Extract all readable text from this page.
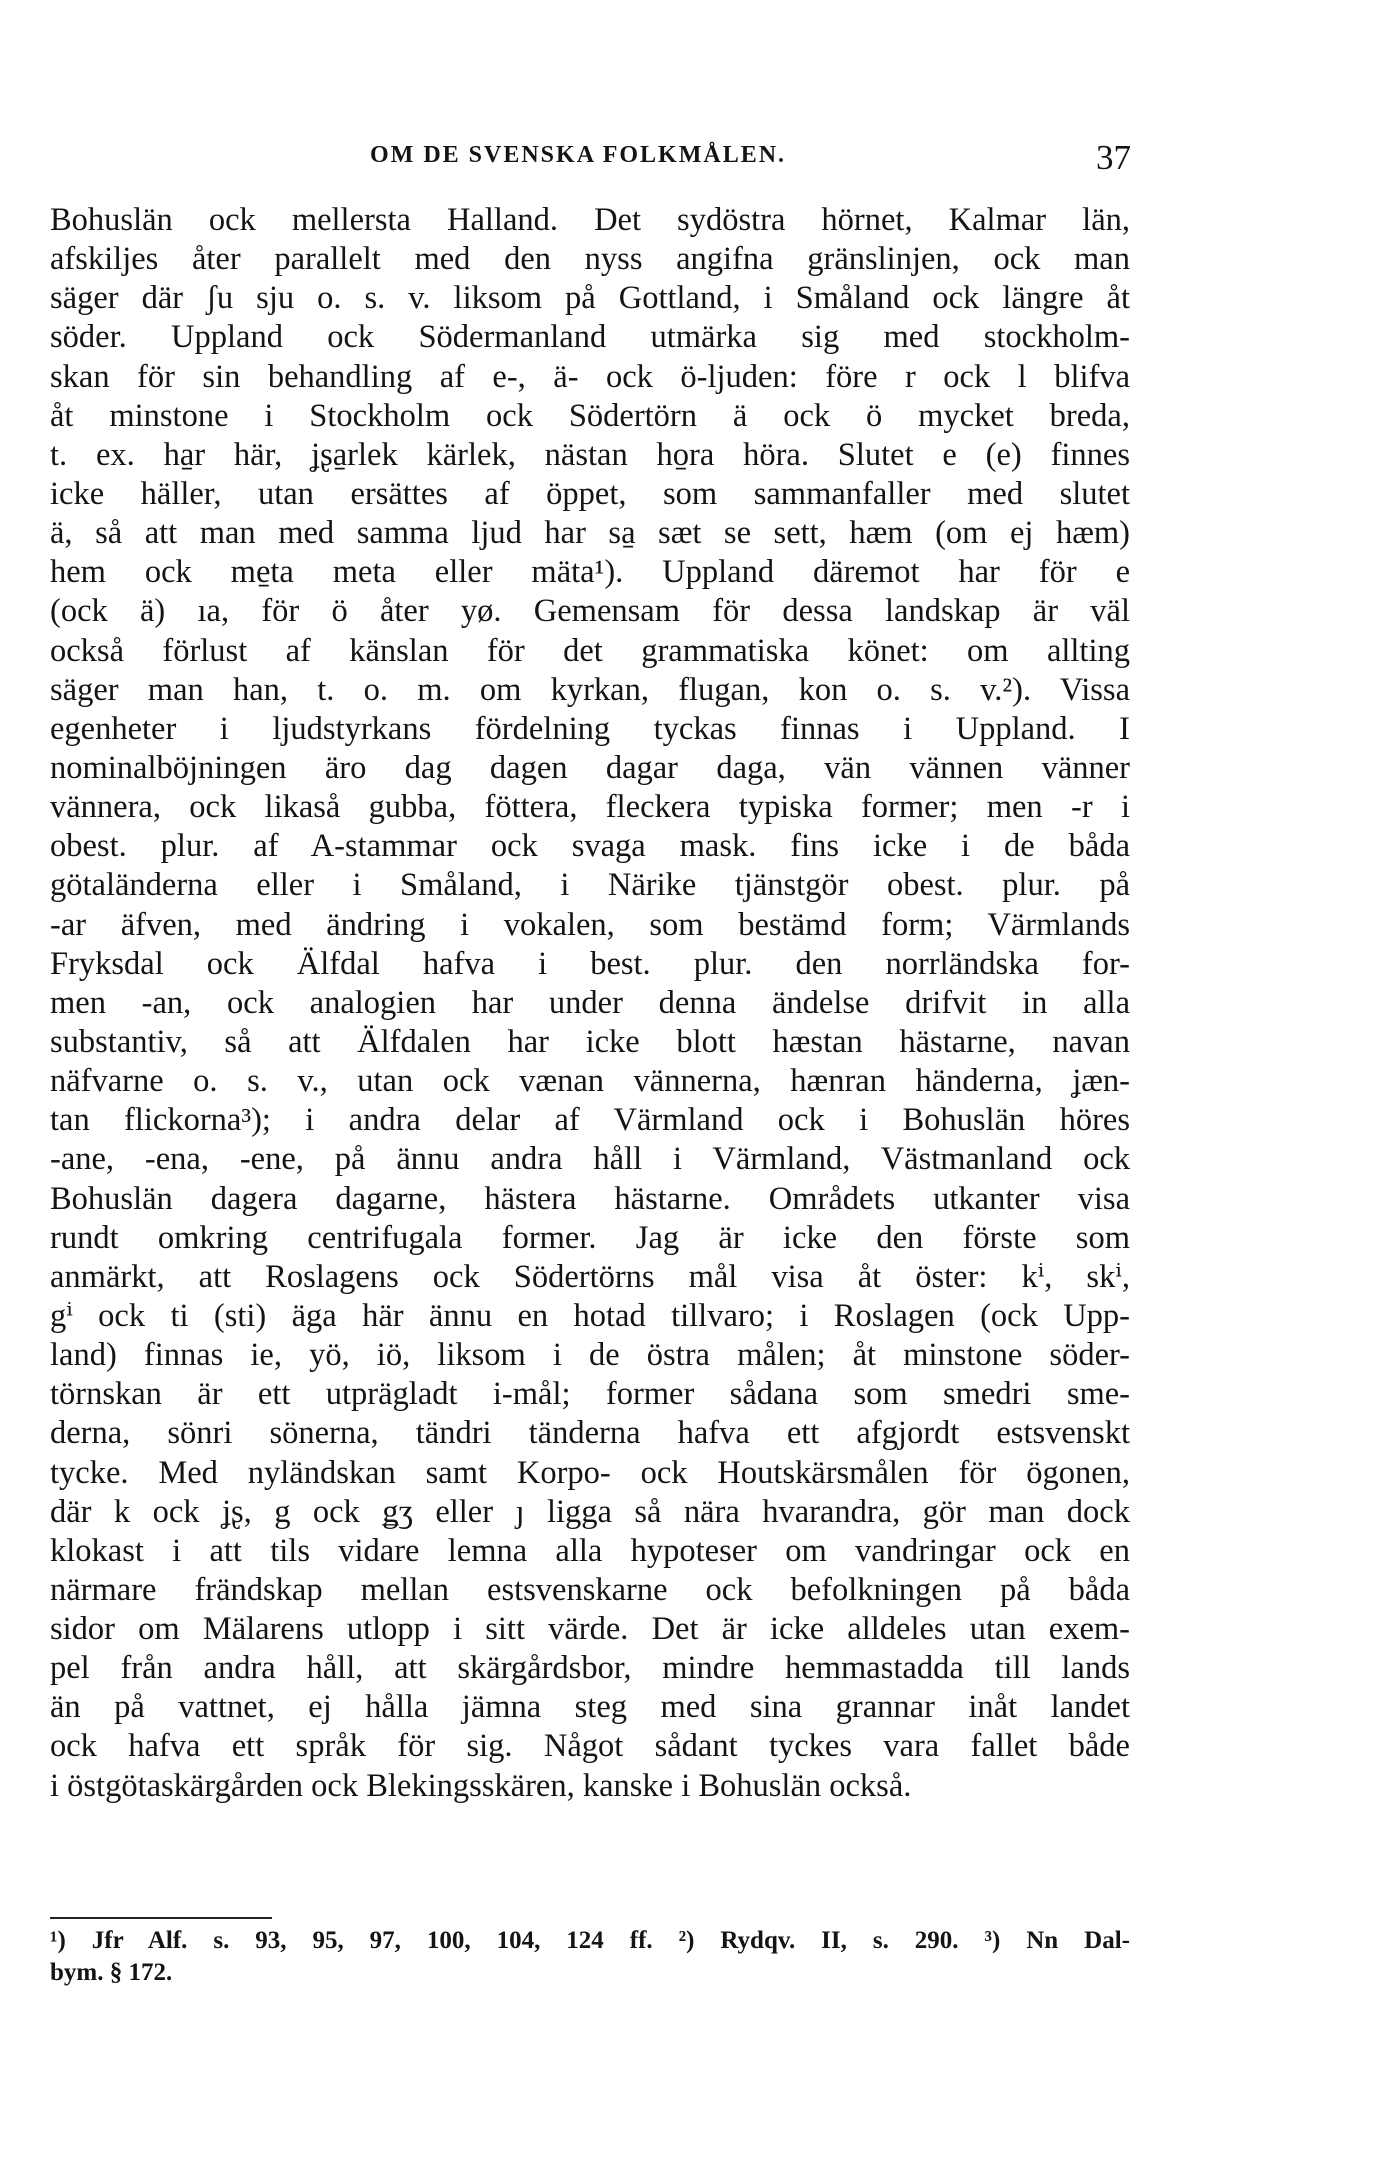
OM DE SVENSKA FOLKMÅLEN.	37
Bohuslän ock mellersta Halland. Det sydöstra hörnet, Kalmar län,
afskiljes åter parallelt med den nyss angifna gränslinjen, ock man
säger där ʃu sju o. s. v. liksom på Gottland, i Småland ock längre åt
söder. Uppland ock Södermanland utmärka sig med stockholm-
skan för sin behandling af e-, ä- ock ö-ljuden: före r ock l blifva
åt minstone i Stockholm ock Södertörn ä ock ö mycket breda,
t. ex. ha̱r här, ʝʂa̱rlek kärlek, nästan ho̱ra höra. Slutet e (e) finnes
icke häller, utan ersättes af öppet, som sammanfaller med slutet
ä, så att man med samma ljud har sa̱ sæt se sett, hæm (om ej hæm)
hem ock me̱ta meta eller mäta¹). Uppland däremot har för e
(ock ä) ıa, för ö åter yø. Gemensam för dessa landskap är väl
också förlust af känslan för det grammatiska könet: om allting
säger man han, t. o. m. om kyrkan, flugan, kon o. s. v.²). Vissa
egenheter i ljudstyrkans fördelning tyckas finnas i Uppland. I
nominalböjningen äro dag dagen dagar daga, vän vännen vänner
vännera, ock likaså gubba, föttera, fleckera typiska former; men -r i
obest. plur. af A-stammar ock svaga mask. fins icke i de båda
götaländerna eller i Småland, i Närike tjänstgör obest. plur. på
-ar äfven, med ändring i vokalen, som bestämd form; Värmlands
Fryksdal ock Älfdal hafva i best. plur. den norrländska for-
men -an, ock analogien har under denna ändelse drifvit in alla
substantiv, så att Älfdalen har icke blott hæstan hästarne, navan
näfvarne o. s. v., utan ock vænan vännerna, hænran händerna, ʝæn-
tan flickorna³); i andra delar af Värmland ock i Bohuslän höres
-ane, -ena, -ene, på ännu andra håll i Värmland, Västmanland ock
Bohuslän dagera dagarne, hästera hästarne. Områdets utkanter visa
rundt omkring centrifugala former. Jag är icke den förste som
anmärkt, att Roslagens ock Södertörns mål visa åt öster: kⁱ, skⁱ,
gⁱ ock ti (sti) äga här ännu en hotad tillvaro; i Roslagen (ock Upp-
land) finnas ie, yö, iö, liksom i de östra målen; åt minstone söder-
törnskan är ett utprägladt i-mål; former sådana som smedri sme-
derna, sönri sönerna, tändri tänderna hafva ett afgjordt estsvenskt
tycke. Med nyländskan samt Korpo- ock Houtskärsmålen för ögonen,
där k ock ʝʂ, g ock ǥʒ eller ȷ ligga så nära hvarandra, gör man dock
klokast i att tils vidare lemna alla hypoteser om vandringar ock en
närmare frändskap mellan estsvenskarne ock befolkningen på båda
sidor om Mälarens utlopp i sitt värde. Det är icke alldeles utan exem-
pel från andra håll, att skärgårdsbor, mindre hemmastadda till lands
än på vattnet, ej hålla jämna steg med sina grannar inåt landet
ock hafva ett språk för sig. Något sådant tyckes vara fallet både
i östgötaskärgården ock Blekingsskären, kanske i Bohuslän också.
¹) Jfr Alf. s. 93, 95, 97, 100, 104, 124 ff. ²) Rydqv. II, s. 290. ³) Nn Dal-
bym. § 172.
